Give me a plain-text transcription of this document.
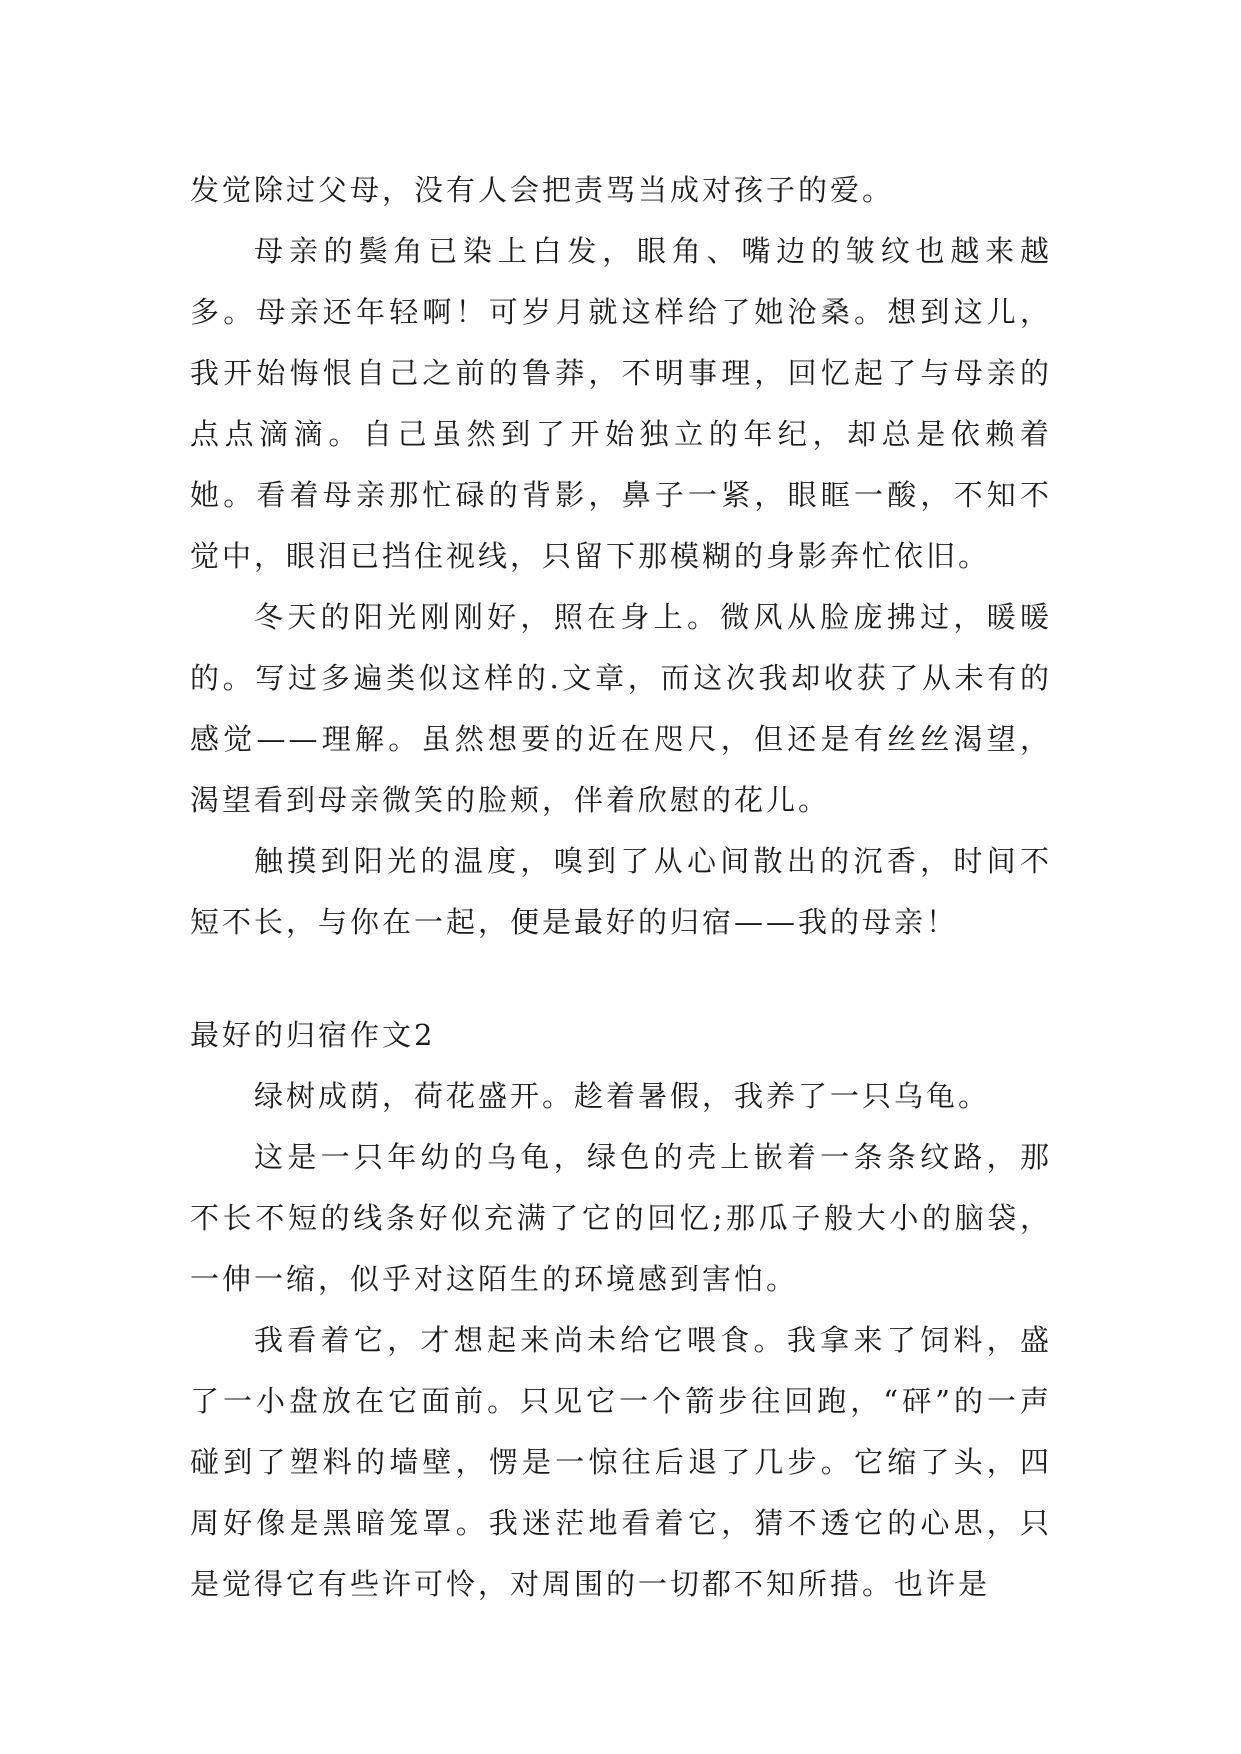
发觉除过父母，没有人会把责骂当成对孩子的爱。

母亲的鬓角已染上白发，眼角、嘴边的皱纹也越来越多。母亲还年轻啊！可岁月就这样给了她沧桑。想到这儿，我开始悔恨自己之前的鲁莽，不明事理，回忆起了与母亲的点点滴滴。自己虽然到了开始独立的年纪，却总是依赖着她。看着母亲那忙碌的背影，鼻子一紧，眼眶一酸，不知不觉中，眼泪已挡住视线，只留下那模糊的身影奔忙依旧。

冬天的阳光刚刚好，照在身上。微风从脸庞拂过，暖暖的。写过多遍类似这样的.文章，而这次我却收获了从未有的感觉——理解。虽然想要的近在咫尺，但还是有丝丝渴望，渴望看到母亲微笑的脸颊，伴着欣慰的花儿。

触摸到阳光的温度，嗅到了从心间散出的沉香，时间不短不长，与你在一起，便是最好的归宿——我的母亲！

最好的归宿作文2

绿树成荫，荷花盛开。趁着暑假，我养了一只乌龟。

这是一只年幼的乌龟，绿色的壳上嵌着一条条纹路，那不长不短的线条好似充满了它的回忆;那瓜子般大小的脑袋，一伸一缩，似乎对这陌生的环境感到害怕。

我看着它，才想起来尚未给它喂食。我拿来了饲料，盛了一小盘放在它面前。只见它一个箭步往回跑，“砰”的一声碰到了塑料的墙壁，愣是一惊往后退了几步。它缩了头，四周好像是黑暗笼罩。我迷茫地看着它，猜不透它的心思，只是觉得它有些许可怜，对周围的一切都不知所措。也许是
